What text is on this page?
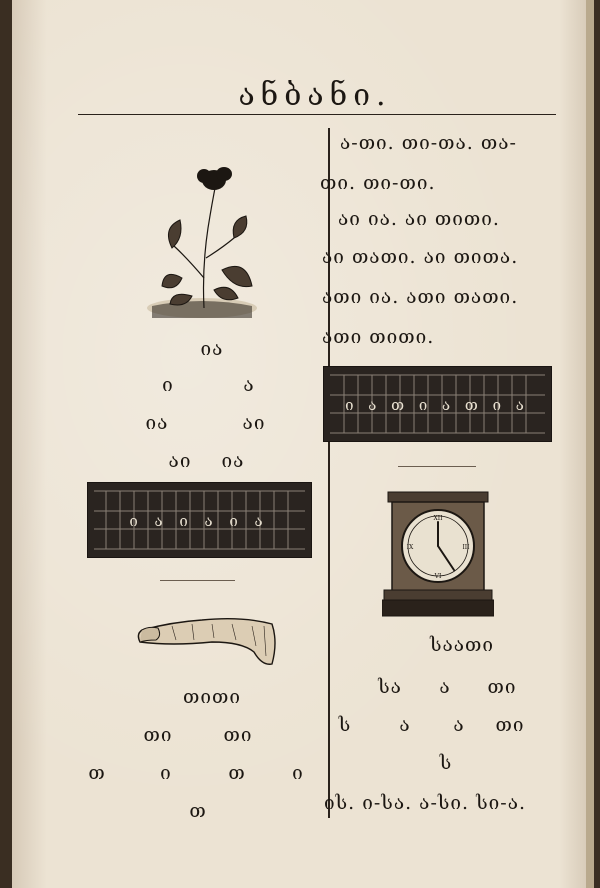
ანბანი.
ია
ი	ა
ია	აი
აი ია
ი ა ი ა ი ა
თითი
თი	თი
თ	ი	თ ი
თ
ა-თი. თი-თა. თა-
თი. თი-თი.
აი ია. აი თითი.
აი თათი. აი თითა.
ათი ია. ათი თათი.
ათი თითი.
ი ა თ ი ა თ ი ა
XII
III
VI
IX
საათი
სა ა თი
ს	ა ა თი
ს
ის. ი-სა. ა-სი. სი-ა.
